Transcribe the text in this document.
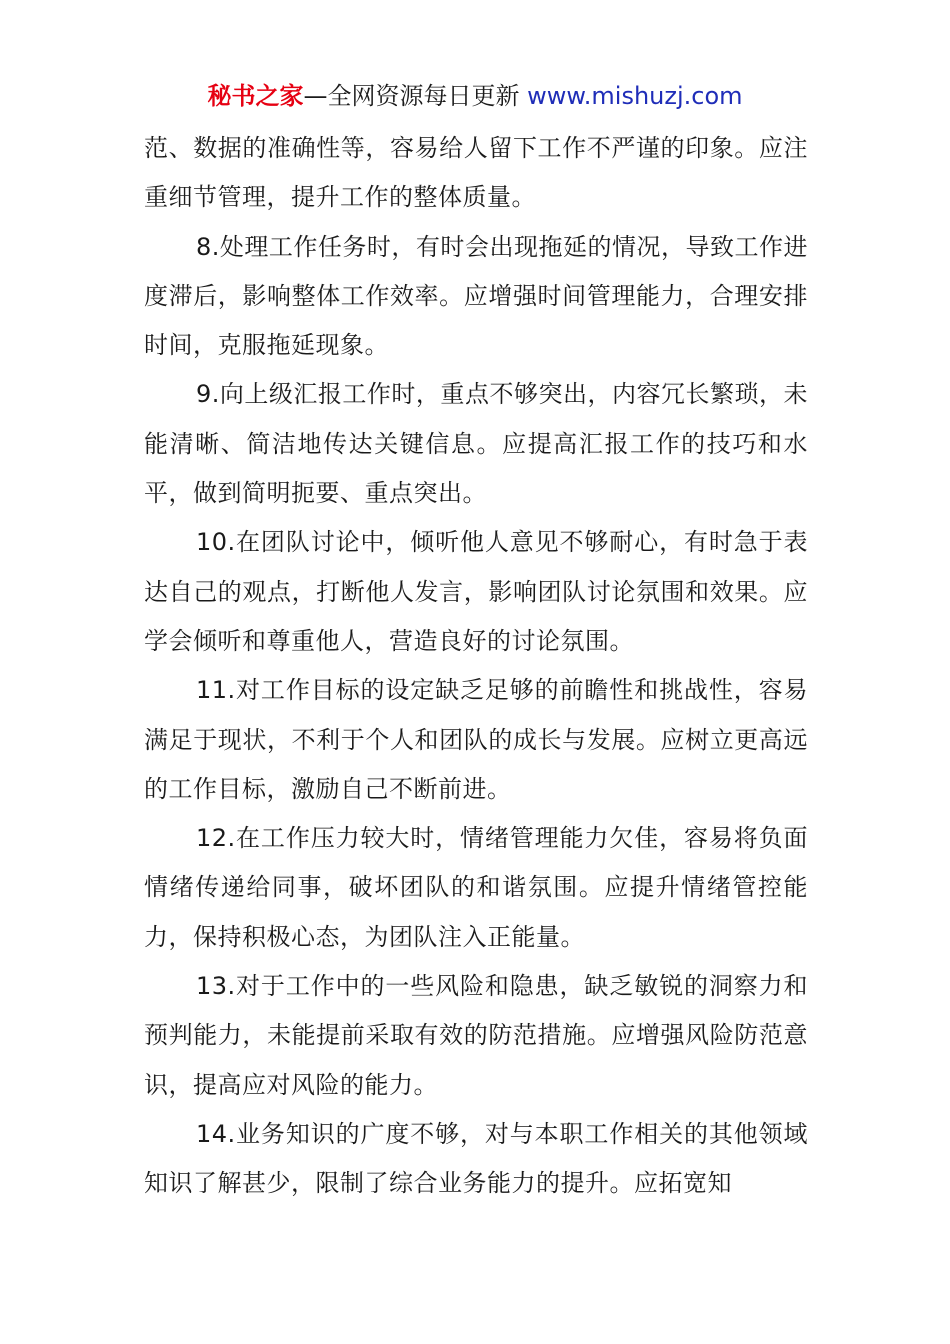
秘书之家—全网资源每日更新 www.mishuzj.com

范、数据的准确性等，容易给人留下工作不严谨的印象。应注重细节管理，提升工作的整体质量。

8.处理工作任务时，有时会出现拖延的情况，导致工作进度滞后，影响整体工作效率。应增强时间管理能力，合理安排时间，克服拖延现象。

9.向上级汇报工作时，重点不够突出，内容冗长繁琐，未能清晰、简洁地传达关键信息。应提高汇报工作的技巧和水平，做到简明扼要、重点突出。

10.在团队讨论中，倾听他人意见不够耐心，有时急于表达自己的观点，打断他人发言，影响团队讨论氛围和效果。应学会倾听和尊重他人，营造良好的讨论氛围。

11.对工作目标的设定缺乏足够的前瞻性和挑战性，容易满足于现状，不利于个人和团队的成长与发展。应树立更高远的工作目标，激励自己不断前进。

12.在工作压力较大时，情绪管理能力欠佳，容易将负面情绪传递给同事，破坏团队的和谐氛围。应提升情绪管控能力，保持积极心态，为团队注入正能量。

13.对于工作中的一些风险和隐患，缺乏敏锐的洞察力和预判能力，未能提前采取有效的防范措施。应增强风险防范意识，提高应对风险的能力。

14.业务知识的广度不够，对与本职工作相关的其他领域知识了解甚少，限制了综合业务能力的提升。应拓宽知
